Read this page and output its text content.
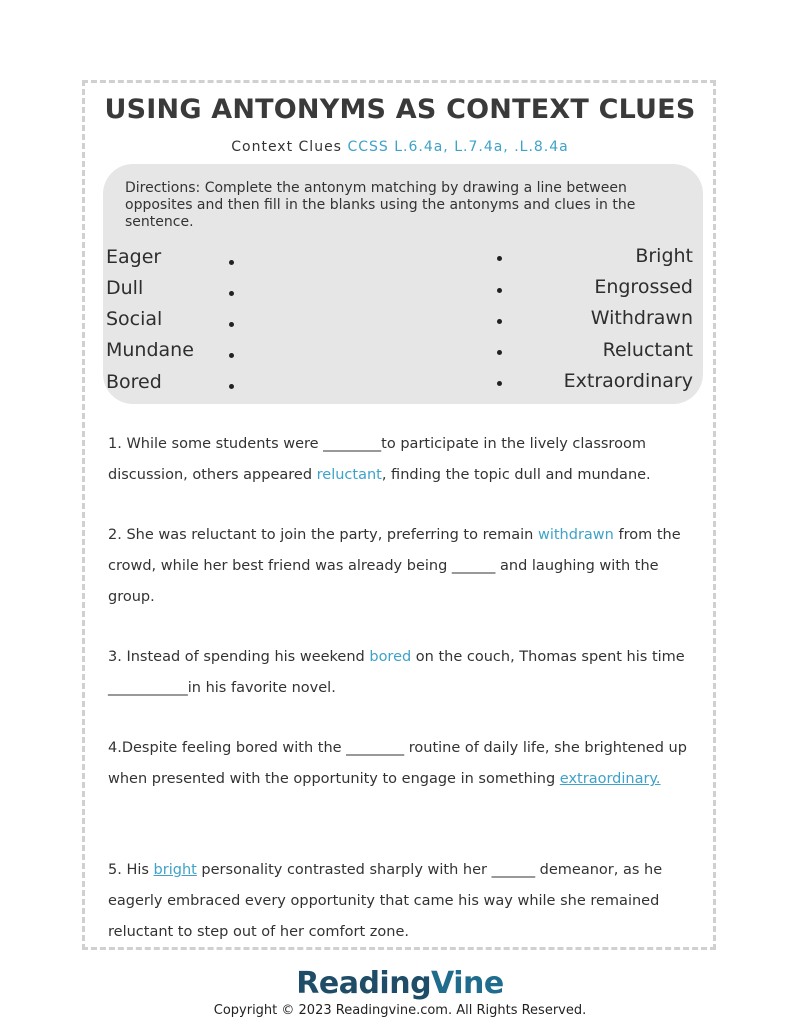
USING ANTONYMS AS CONTEXT CLUES
Context Clues CCSS L.6.4a, L.7.4a, .L.8.4a
Directions: Complete the antonym matching by drawing a line between opposites and then fill in the blanks using the antonyms and clues in the sentence.
Eager
Dull
Social
Mundane
Bored
Bright
Engrossed
Withdrawn
Reluctant
Extraordinary
1. While some students were ________to participate in the lively classroom discussion, others appeared reluctant, finding the topic dull and mundane.
2. She was reluctant to join the party, preferring to remain withdrawn from the crowd, while her best friend was already being ______ and laughing with the group.
3. Instead of spending his weekend bored on the couch, Thomas spent his time ___________in his favorite novel.
4.Despite feeling bored with the ________ routine of daily life, she brightened up when presented with the opportunity to engage in something extraordinary.
5. His bright personality contrasted sharply with her ______ demeanor, as he eagerly embraced every opportunity that came his way while she remained reluctant to step out of her comfort zone.
ReadingVine
Copyright © 2023 Readingvine.com. All Rights Reserved.
